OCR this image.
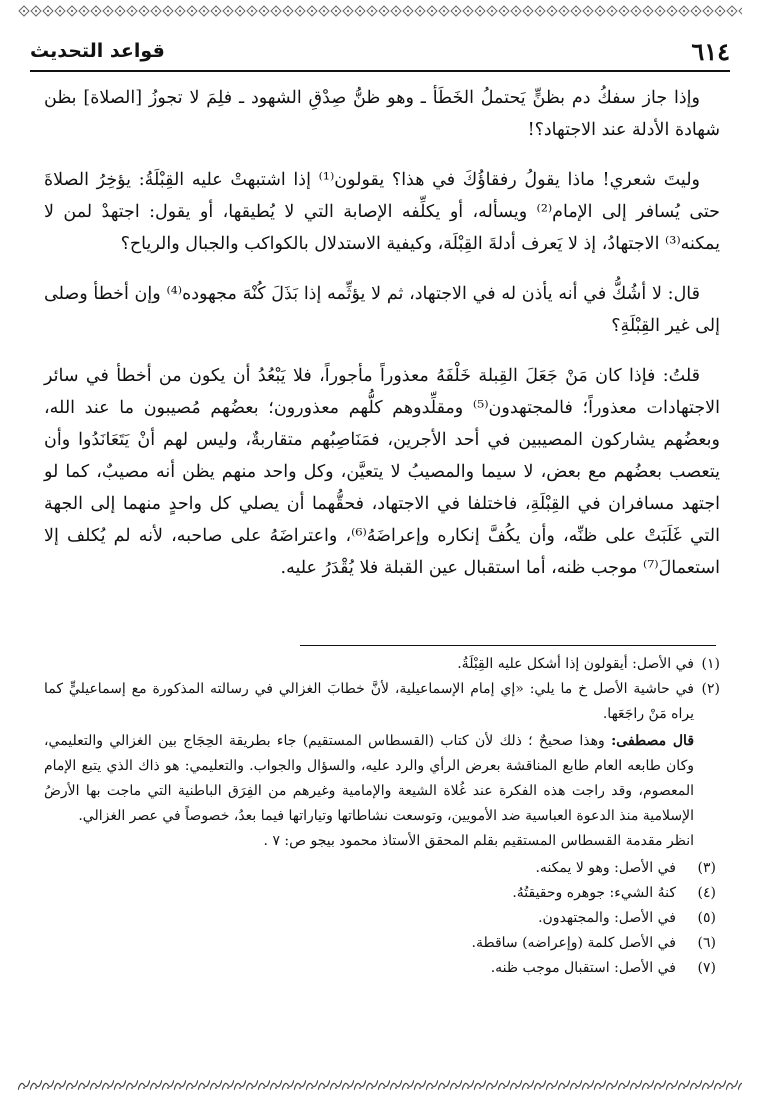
٦١٤
قواعد التحديث

وإذا جاز سفكُ دم بظنٍّ يَحتملُ الخَطَأ ـ وهو ظنُّ صِدْقِ الشهود ـ فلِمَ لا تجوزُ [الصلاة] بظن شهادة الأدلة عند الاجتهاد؟!

وليتَ شعري! ماذا يقولُ رفقاؤُكَ في هذا؟ يقولون⁽¹⁾ إذا اشتبهتْ عليه القِبْلَةُ: يؤخِرُ الصلاةَ حتى يُسافر إلى الإمام⁽²⁾ ويسأله، أو يكلِّفه الإصابة التي لا يُطيقها، أو يقول: اجتهدْ لمن لا يمكنه⁽³⁾ الاجتهادُ، إذ لا يَعرف أدلةَ القِبْلَة، وكيفية الاستدلال بالكواكب والجبال والرياح؟

قال: لا أشُكُّ في أنه يأذن له في الاجتهاد، ثم لا يؤثِّمه إذا بَذَلَ كُنْهَ مجهوده⁽⁴⁾ وإن أخطأ وصلى إلى غير القِبْلَةِ؟

قلتُ: فإذا كان مَنْ جَعَلَ القِبلة خَلْفَهُ معذوراً مأجوراً، فلا يَبْعُدُ أن يكون من أخطأ في سائر الاجتهادات معذوراً؛ فالمجتهدون⁽⁵⁾ ومقلِّدوهم كلُّهم معذورون؛ بعضُهم مُصيبون ما عند الله، وبعضُهم يشاركون المصيبين في أحد الأجرين، فمَنَاصِبُهم متقاربةٌ، وليس لهم أنْ يَتَعَانَدُوا وأن يتعصب بعضُهم مع بعض، لا سيما والمصيبُ لا يتعيَّن، وكل واحد منهم يظن أنه مصيبٌ، كما لو اجتهد مسافران في القِبْلَةِ، فاختلفا في الاجتهاد، فحقُّهما أن يصلي كل واحدٍ منهما إلى الجهة التي غَلَبَتْ على ظنِّه، وأن يكُفَّ إنكاره وإعراضَهُ⁽⁶⁾، واعتراضَهُ على صاحبه، لأنه لم يُكلف إلا استعمالَ⁽⁷⁾ موجب ظنه، أما استقبال عين القبلة فلا يُقْدَرُ عليه.

(١)
في الأصل: أيقولون إذا أشكل عليه القِبْلَةُ.
(٢)
في حاشية الأصل خ ما يلي: «إي إمام الإسماعيلية، لأنَّ خطابَ الغزالي في رسالته المذكورة مع إسماعيليٍّ كما يراه مَنْ راجَعَها.
قال مصطفى: وهذا صحيحٌ ؛ ذلك لأن كتاب (القسطاس المستقيم) جاء بطريقة الحِجَاج بين الغزالي والتعليمي، وكان طابعه العام طابع المناقشة بعرض الرأي والرد عليه، والسؤال والجواب. والتعليمي: هو ذاك الذي يتبع الإمام المعصوم، وقد راجت هذه الفكرة عند غُلاة الشيعة والإمامية وغيرهم من الفِرَق الباطنية التي ماجت بها الأرضُ الإسلامية منذ الدعوة العباسية ضد الأمويين، وتوسعت نشاطاتها وتياراتها فيما بعدُ، خصوصاً في عصر الغزالي.
انظر مقدمة القسطاس المستقيم بقلم المحقق الأستاذ محمود بيجو ص: ٧ .
(٣)
في الأصل: وهو لا يمكنه.
(٤)
كنهُ الشيء: جوهره وحقيقتُهُ.
(٥)
في الأصل: والمجتهدون.
(٦)
في الأصل كلمة (وإعراضه) ساقطة.
(٧)
في الأصل: استقبال موجب ظنه.
